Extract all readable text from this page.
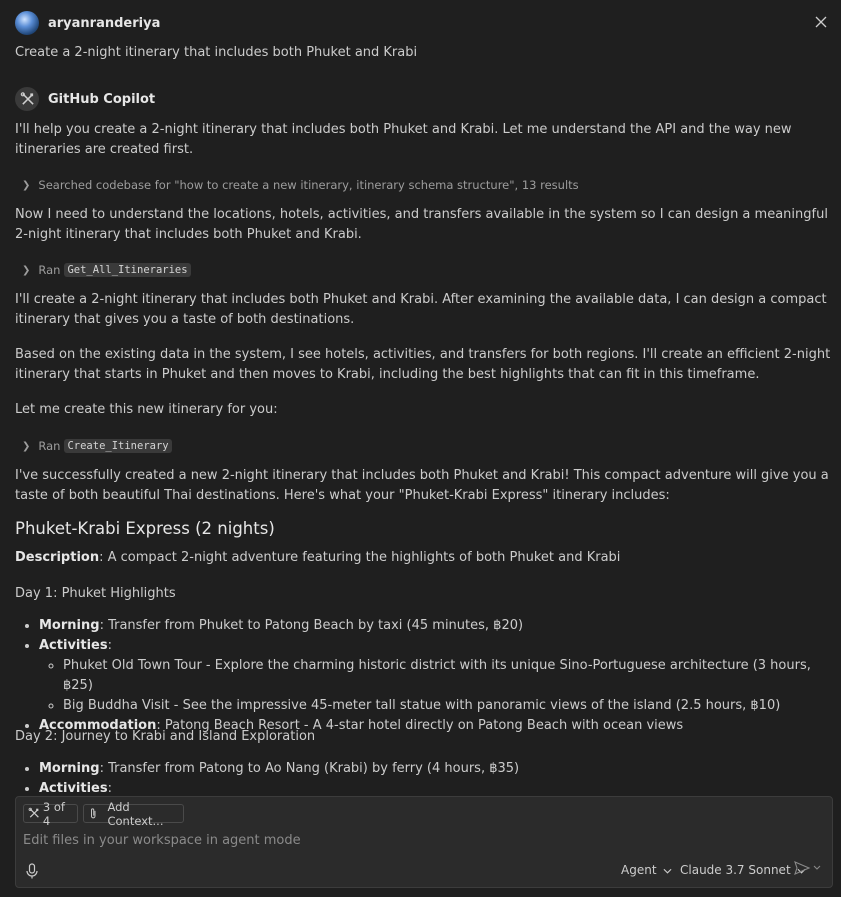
aryanranderiya
Create a 2-night itinerary that includes both Phuket and Krabi
GitHub Copilot
I'll help you create a 2-night itinerary that includes both Phuket and Krabi. Let me understand the API and the way new itineraries are created first.
❯ Searched codebase for "how to create a new itinerary, itinerary schema structure", 13 results
Now I need to understand the locations, hotels, activities, and transfers available in the system so I can design a meaningful 2-night itinerary that includes both Phuket and Krabi.
❯ Ran Get_All_Itineraries
I'll create a 2-night itinerary that includes both Phuket and Krabi. After examining the available data, I can design a compact itinerary that gives you a taste of both destinations.
Based on the existing data in the system, I see hotels, activities, and transfers for both regions. I'll create an efficient 2-night itinerary that starts in Phuket and then moves to Krabi, including the best highlights that can fit in this timeframe.
Let me create this new itinerary for you:
❯ Ran Create_Itinerary
I've successfully created a new 2-night itinerary that includes both Phuket and Krabi! This compact adventure will give you a taste of both beautiful Thai destinations. Here's what your "Phuket-Krabi Express" itinerary includes:
Phuket-Krabi Express (2 nights)
Description: A compact 2-night adventure featuring the highlights of both Phuket and Krabi
Day 1: Phuket Highlights
• Morning: Transfer from Phuket to Patong Beach by taxi (45 minutes, ฿20)
• Activities:
◦ Phuket Old Town Tour - Explore the charming historic district with its unique Sino-Portuguese architecture (3 hours, ฿25)
◦ Big Buddha Visit - See the impressive 45-meter tall statue with panoramic views of the island (2.5 hours, ฿10)
• Accommodation: Patong Beach Resort - A 4-star hotel directly on Patong Beach with ocean views
Day 2: Journey to Krabi and Island Exploration
• Morning: Transfer from Patong to Ao Nang (Krabi) by ferry (4 hours, ฿35)
• Activities:
3 of 4
Add Context...
Edit files in your workspace in agent mode
Agent	Claude 3.7 Sonnet
